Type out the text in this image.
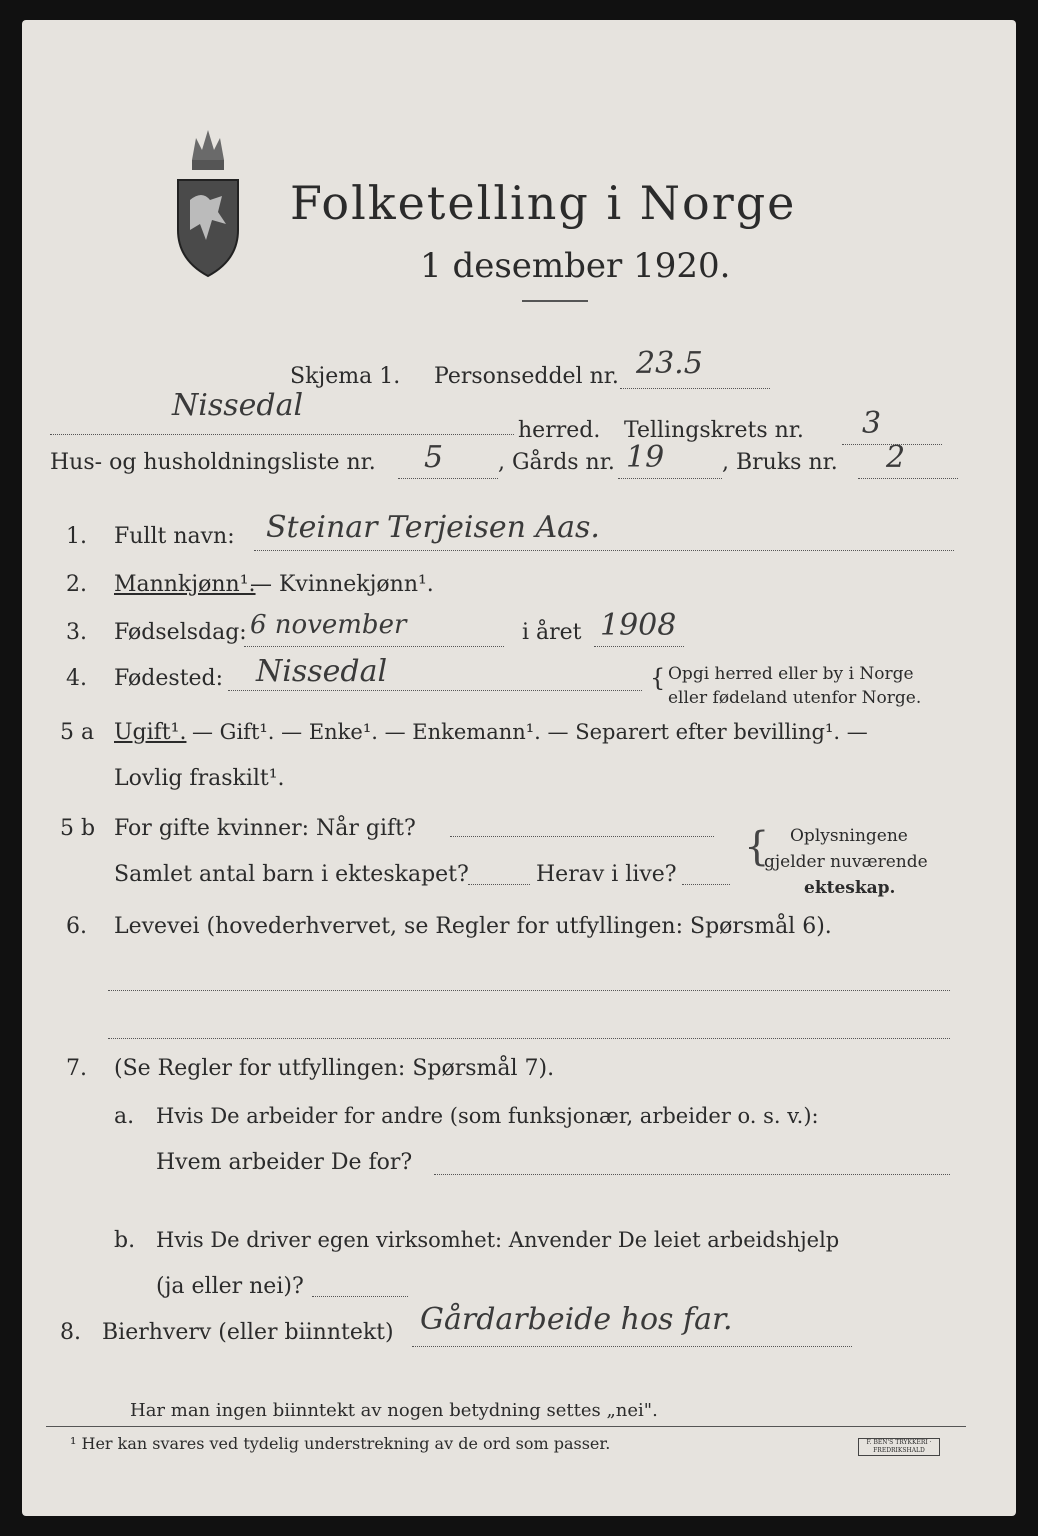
Folketelling i Norge
1 desember 1920.
Skjema 1. Personseddel nr. 23.5
Nissedal
herred. Tellingskrets nr. 3
Hus- og husholdningsliste nr. 5 , Gårds nr. 19	, Bruks nr. 2
1. Fullt navn: Steinar Terjeisen Aas.
2. Mannkjønn¹.
— Kvinnekjønn¹.
3. Fødselsdag: 6 november	i året 1908
4. Fødested: Nissedal	{ Opgi herred eller by i Norge
eller fødeland utenfor Norge.
5 a Ugift¹. — Gift¹. — Enke¹. — Enkemann¹. — Separert efter bevilling¹. —
Lovlig fraskilt¹.
5 b For gifte kvinner: Når gift?
Samlet antal barn i ekteskapet?	Herav i live?
{ Oplysningene
gjelder nuværende
ekteskap.
6. Levevei (hovederhvervet, se Regler for utfyllingen: Spørsmål 6).
7. (Se Regler for utfyllingen: Spørsmål 7).
a. Hvis De arbeider for andre (som funksjonær, arbeider o. s. v.):
Hvem arbeider De for?
b. Hvis De driver egen virksomhet: Anvender De leiet arbeidshjelp
(ja eller nei)?
8. Bierhverv (eller biinntekt) Gårdarbeide hos far.
Har man ingen biinntekt av nogen betydning settes „nei".
¹ Her kan svares ved tydelig understrekning av de ord som passer.	F. BEN'S TRYKKERI · FREDRIKSHALD
